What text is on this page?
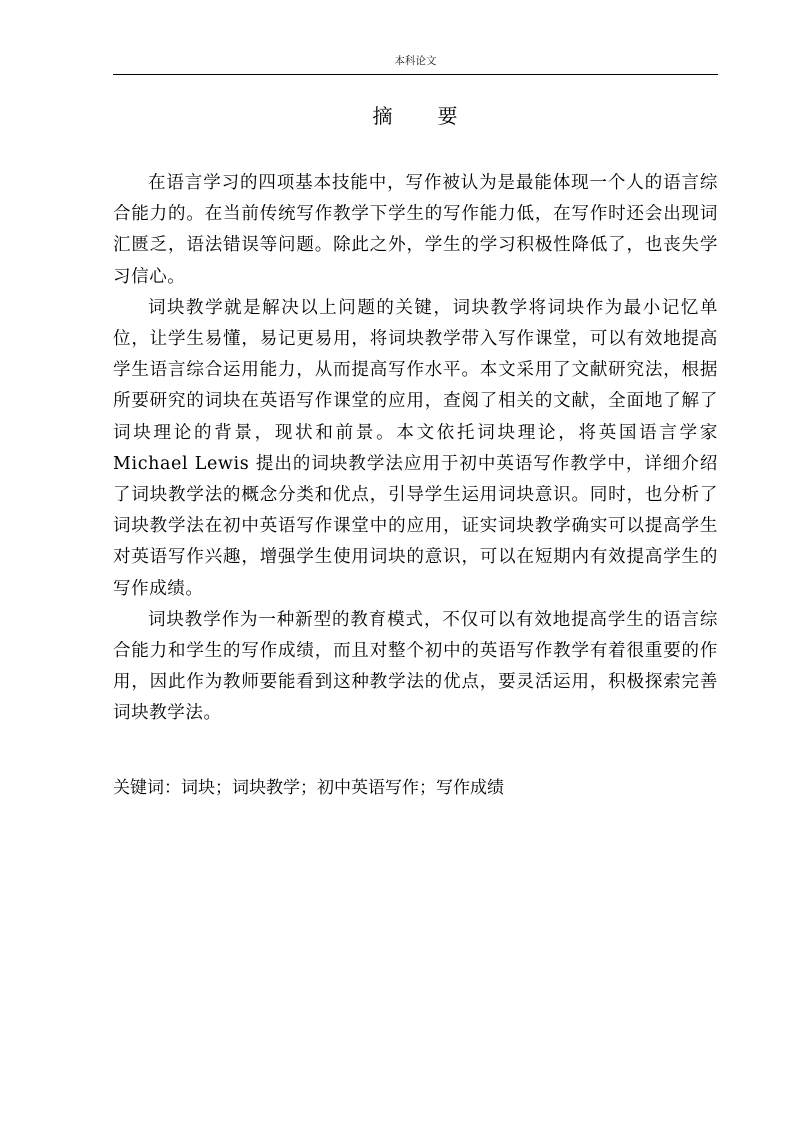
本科论文
摘 要

在语言学习的四项基本技能中，写作被认为是最能体现一个人的语言综合能力的。在当前传统写作教学下学生的写作能力低，在写作时还会出现词汇匮乏，语法错误等问题。除此之外，学生的学习积极性降低了，也丧失学习信心。

词块教学就是解决以上问题的关键，词块教学将词块作为最小记忆单位，让学生易懂，易记更易用，将词块教学带入写作课堂，可以有效地提高学生语言综合运用能力，从而提高写作水平。本文采用了文献研究法，根据所要研究的词块在英语写作课堂的应用，查阅了相关的文献，全面地了解了词块理论的背景，现状和前景。本文依托词块理论，将英国语言学家 Michael Lewis 提出的词块教学法应用于初中英语写作教学中，详细介绍了词块教学法的概念分类和优点，引导学生运用词块意识。同时，也分析了词块教学法在初中英语写作课堂中的应用，证实词块教学确实可以提高学生对英语写作兴趣，增强学生使用词块的意识，可以在短期内有效提高学生的写作成绩。

词块教学作为一种新型的教育模式，不仅可以有效地提高学生的语言综合能力和学生的写作成绩，而且对整个初中的英语写作教学有着很重要的作用，因此作为教师要能看到这种教学法的优点，要灵活运用，积极探索完善词块教学法。

关键词：词块；词块教学；初中英语写作；写作成绩
